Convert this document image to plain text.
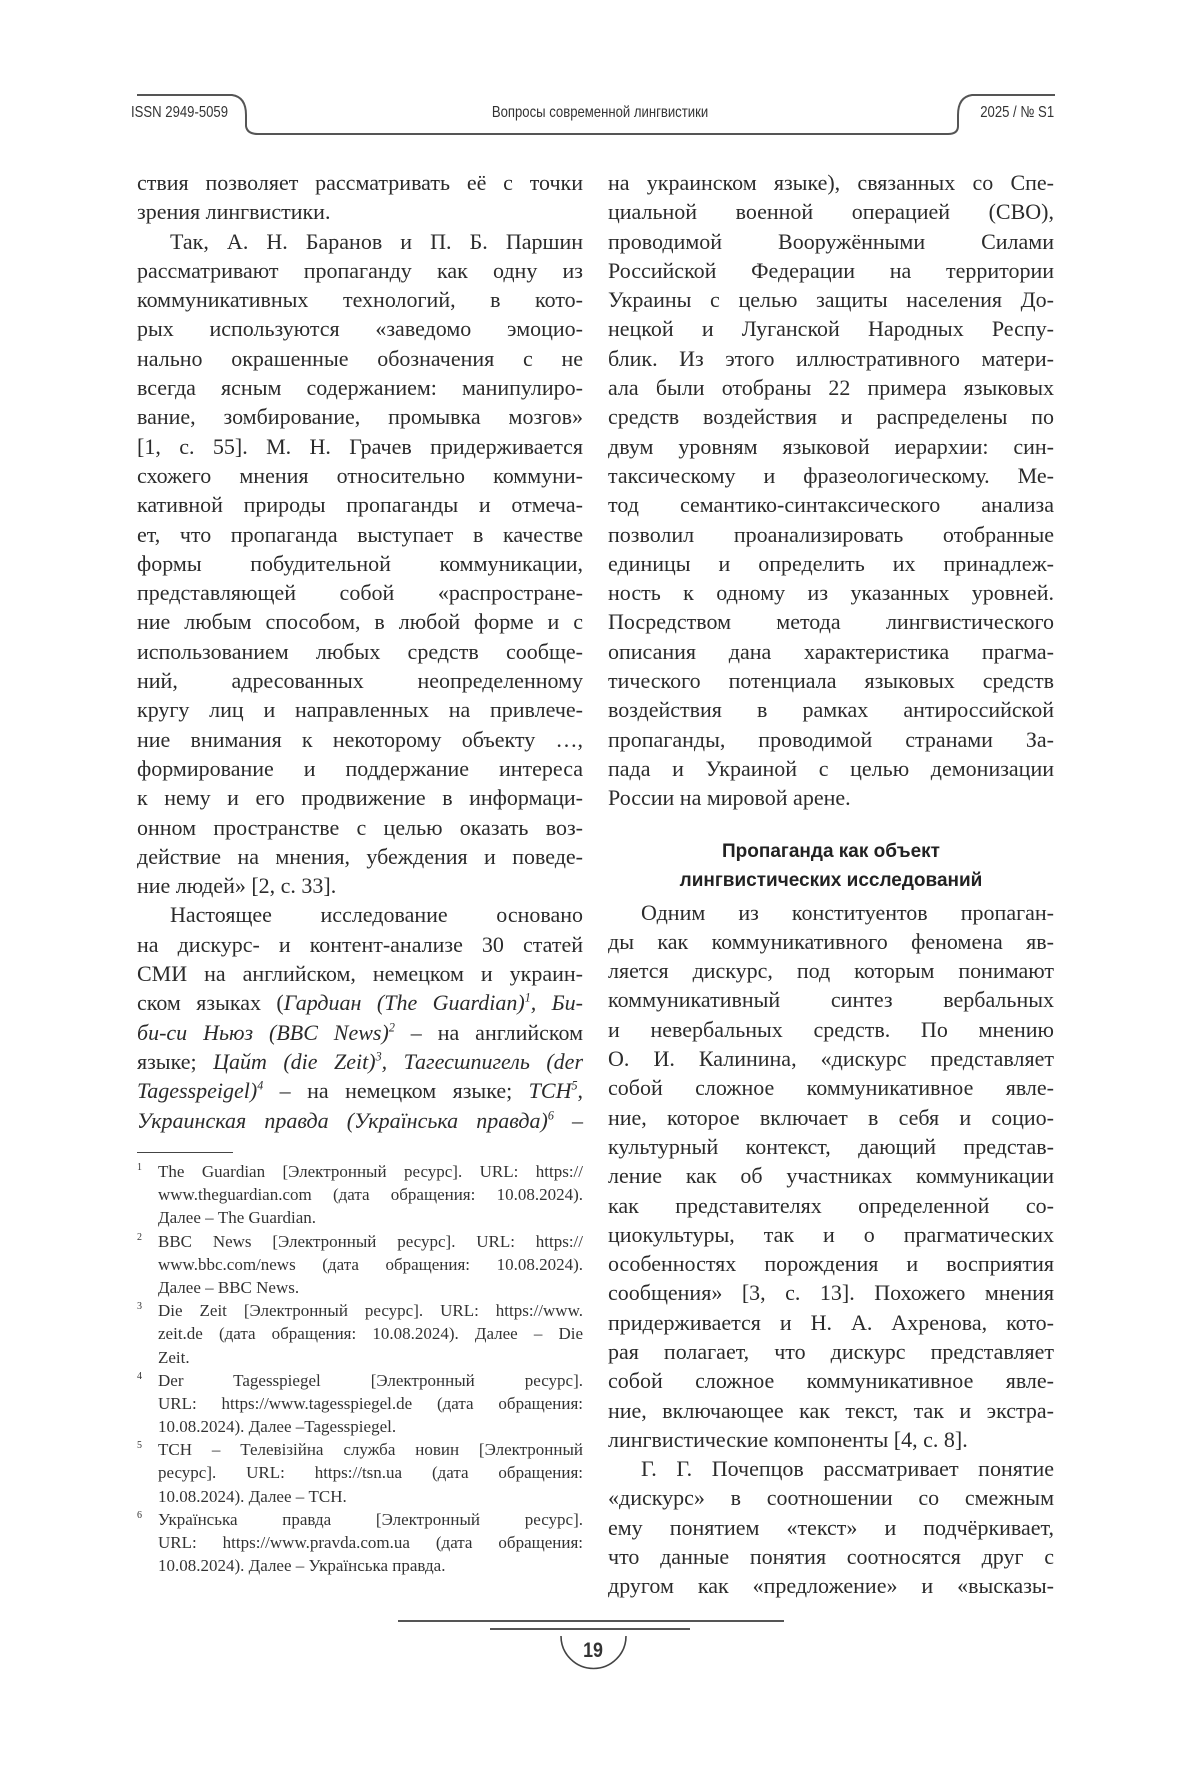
ISSN 2949-5059	Вопросы современной лингвистики	2025 / № S1
ствия позволяет рассматривать её с точки
зрения лингвистики.
Так, А. Н. Баранов и П. Б. Паршин
рассматривают пропаганду как одну из
коммуникативных технологий, в кото-
рых используются «заведомо эмоцио-
нально окрашенные обозначения с не
всегда ясным содержанием: манипулиро-
вание, зомбирование, промывка мозгов»
[1, с. 55]. М. Н. Грачев придерживается
схожего мнения относительно коммуни-
кативной природы пропаганды и отмеча-
ет, что пропаганда выступает в качестве
формы побудительной коммуникации,
представляющей собой «распростране-
ние любым способом, в любой форме и с
использованием любых средств сообще-
ний, адресованных неопределенному
кругу лиц и направленных на привлече-
ние внимания к некоторому объекту …,
формирование и поддержание интереса
к нему и его продвижение в информаци-
онном пространстве с целью оказать воз-
действие на мнения, убеждения и поведе-
ние людей» [2, с. 33].
Настоящее исследование основано
на дискурс- и контент-анализе 30 статей
СМИ на английском, немецком и украин-
ском языках (Гардиан (The Guardian)1, Би-
би-си Ньюз (BBC News)2 – на английском
языке; Цайт (die Zeit)3, Тагесшпигель (der
Tagesspeigel)4 – на немецком языке; ТСН5,
Украинская правда (Українська правда)6 –
на украинском языке), связанных со Спе-
циальной военной операцией (СВО),
проводимой Вооружёнными Силами
Российской Федерации на территории
Украины с целью защиты населения До-
нецкой и Луганской Народных Респу-
блик. Из этого иллюстративного матери-
ала были отобраны 22 примера языковых
средств воздействия и распределены по
двум уровням языковой иерархии: син-
таксическому и фразеологическому. Ме-
тод семантико-синтаксического анализа
позволил проанализировать отобранные
единицы и определить их принадлеж-
ность к одному из указанных уровней.
Посредством метода лингвистического
описания дана характеристика прагма-
тического потенциала языковых средств
воздействия в рамках антироссийской
пропаганды, проводимой странами За-
пада и Украиной с целью демонизации
России на мировой арене.
Пропаганда как объект
лингвистических исследований
Одним из конституентов пропаган-
ды как коммуникативного феномена яв-
ляется дискурс, под которым понимают
коммуникативный синтез вербальных
и невербальных средств. По мнению
О. И. Калинина, «дискурс представляет
собой сложное коммуникативное явле-
ние, которое включает в себя и социо-
культурный контекст, дающий представ-
ление как об участниках коммуникации
как представителях определенной со-
циокультуры, так и о прагматических
особенностях порождения и восприятия
сообщения» [3, с. 13]. Похожего мнения
придерживается и Н. А. Ахренова, кото-
рая полагает, что дискурс представляет
собой сложное коммуникативное явле-
ние, включающее как текст, так и экстра-
лингвистические компоненты [4, с. 8].
Г. Г. Почепцов рассматривает понятие
«дискурс» в соотношении со смежным
ему понятием «текст» и подчёркивает,
что данные понятия соотносятся друг с
другом как «предложение» и «высказы-
1 The Guardian [Электронный ресурс]. URL: https://
www.theguardian.com (дата обращения: 10.08.2024).
Далее – The Guardian.
2 BBC News [Электронный ресурс]. URL: https://
www.bbc.com/news (дата обращения: 10.08.2024).
Далее – BBC News.
3 Die Zeit [Электронный ресурс]. URL: https://www.
zeit.de (дата обращения: 10.08.2024). Далее – Die
Zeit.
4 Der Tagesspiegel [Электронный ресурс].
URL: https://www.tagesspiegel.de (дата обращения:
10.08.2024). Далее –Tagesspiegel.
5 ТСН – Телевізійна служба новин [Электронный
ресурс]. URL: https://tsn.ua (дата обращения:
10.08.2024). Далее – ТСН.
6 Українська правда [Электронный ресурс].
URL: https://www.pravda.com.ua (дата обращения:
10.08.2024). Далее – Українська правда.
19
